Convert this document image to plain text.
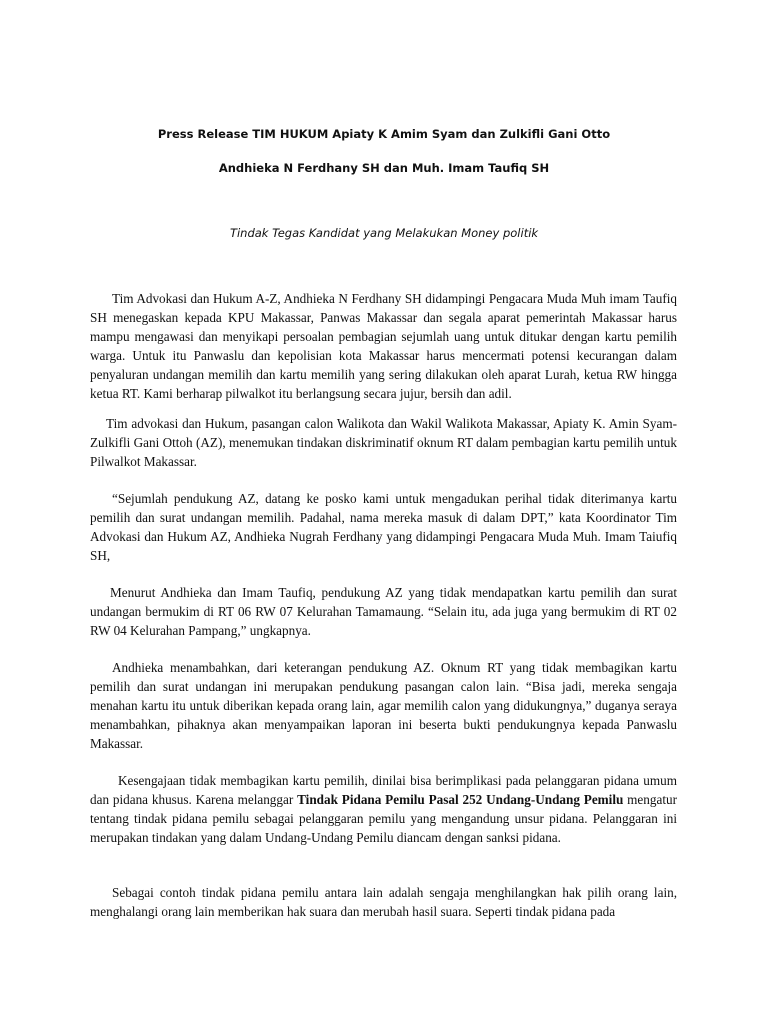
Press Release TIM HUKUM Apiaty K Amim Syam dan Zulkifli Gani Otto
Andhieka N Ferdhany SH dan Muh. Imam Taufiq SH
Tindak Tegas Kandidat yang Melakukan Money politik

Tim Advokasi dan Hukum A-Z, Andhieka N Ferdhany SH didampingi Pengacara Muda Muh imam Taufiq SH menegaskan kepada KPU Makassar, Panwas Makassar dan segala aparat pemerintah Makassar harus mampu mengawasi dan menyikapi persoalan pembagian sejumlah uang untuk ditukar dengan kartu pemilih warga. Untuk itu Panwaslu dan kepolisian kota Makassar harus mencermati potensi kecurangan dalam penyaluran undangan memilih dan kartu memilih yang sering dilakukan oleh aparat Lurah, ketua RW hingga ketua RT. Kami berharap pilwalkot itu berlangsung secara jujur, bersih dan adil.

Tim advokasi dan Hukum, pasangan calon Walikota dan Wakil Walikota Makassar, Apiaty K. Amin Syam-Zulkifli Gani Ottoh (AZ), menemukan tindakan diskriminatif oknum RT dalam pembagian kartu pemilih untuk Pilwalkot Makassar.

“Sejumlah pendukung AZ, datang ke posko kami untuk mengadukan perihal tidak diterimanya kartu pemilih dan surat undangan memilih. Padahal, nama mereka masuk di dalam DPT,” kata Koordinator Tim Advokasi dan Hukum AZ, Andhieka Nugrah Ferdhany yang didampingi Pengacara Muda Muh. Imam Taiufiq SH,

Menurut Andhieka dan Imam Taufiq, pendukung AZ yang tidak mendapatkan kartu pemilih dan surat undangan bermukim di RT 06 RW 07 Kelurahan Tamamaung. “Selain itu, ada juga yang bermukim di RT 02 RW 04 Kelurahan Pampang,” ungkapnya.

Andhieka menambahkan, dari keterangan pendukung AZ. Oknum RT yang tidak membagikan kartu pemilih dan surat undangan ini merupakan pendukung pasangan calon lain. “Bisa jadi, mereka sengaja menahan kartu itu untuk diberikan kepada orang lain, agar memilih calon yang didukungnya,” duganya seraya menambahkan, pihaknya akan menyampaikan laporan ini beserta bukti pendukungnya kepada Panwaslu Makassar.

Kesengajaan tidak membagikan kartu pemilih, dinilai bisa berimplikasi pada pelanggaran pidana umum dan pidana khusus. Karena melanggar Tindak Pidana Pemilu Pasal 252 Undang-Undang Pemilu mengatur tentang tindak pidana pemilu sebagai pelanggaran pemilu yang mengandung unsur pidana. Pelanggaran ini merupakan tindakan yang dalam Undang-Undang Pemilu diancam dengan sanksi pidana.

Sebagai contoh tindak pidana pemilu antara lain adalah sengaja menghilangkan hak pilih orang lain, menghalangi orang lain memberikan hak suara dan merubah hasil suara. Seperti tindak pidana pada
